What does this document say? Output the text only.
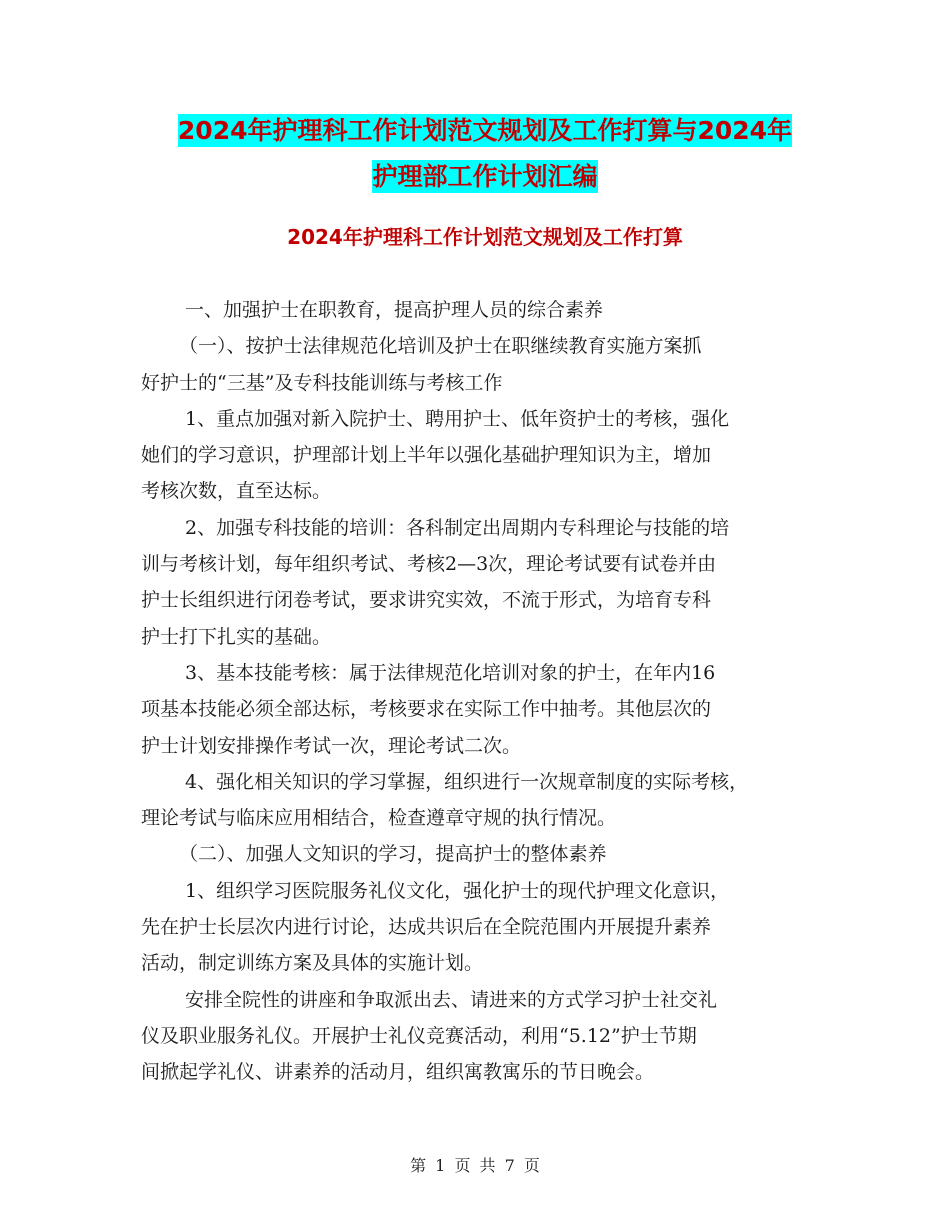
2024年护理科工作计划范文规划及工作打算与2024年
护理部工作计划汇编
2024年护理科工作计划范文规划及工作打算
一、加强护士在职教育，提高护理人员的综合素养
（一）、按护士法律规范化培训及护士在职继续教育实施方案抓
好护士的“三基”及专科技能训练与考核工作
1、重点加强对新入院护士、聘用护士、低年资护士的考核，强化
她们的学习意识，护理部计划上半年以强化基础护理知识为主，增加
考核次数，直至达标。
2、加强专科技能的培训：各科制定出周期内专科理论与技能的培
训与考核计划，每年组织考试、考核2—3次，理论考试要有试卷并由
护士长组织进行闭卷考试，要求讲究实效，不流于形式，为培育专科
护士打下扎实的基础。
3、基本技能考核：属于法律规范化培训对象的护士，在年内16
项基本技能必须全部达标，考核要求在实际工作中抽考。其他层次的
护士计划安排操作考试一次，理论考试二次。
4、强化相关知识的学习掌握，组织进行一次规章制度的实际考核，
理论考试与临床应用相结合，检查遵章守规的执行情况。
（二）、加强人文知识的学习，提高护士的整体素养
1、组织学习医院服务礼仪文化，强化护士的现代护理文化意识，
先在护士长层次内进行讨论，达成共识后在全院范围内开展提升素养
活动，制定训练方案及具体的实施计划。
安排全院性的讲座和争取派出去、请进来的方式学习护士社交礼
仪及职业服务礼仪。开展护士礼仪竞赛活动，利用“5.12”护士节期
间掀起学礼仪、讲素养的活动月，组织寓教寓乐的节日晚会。
第 1 页 共 7 页
